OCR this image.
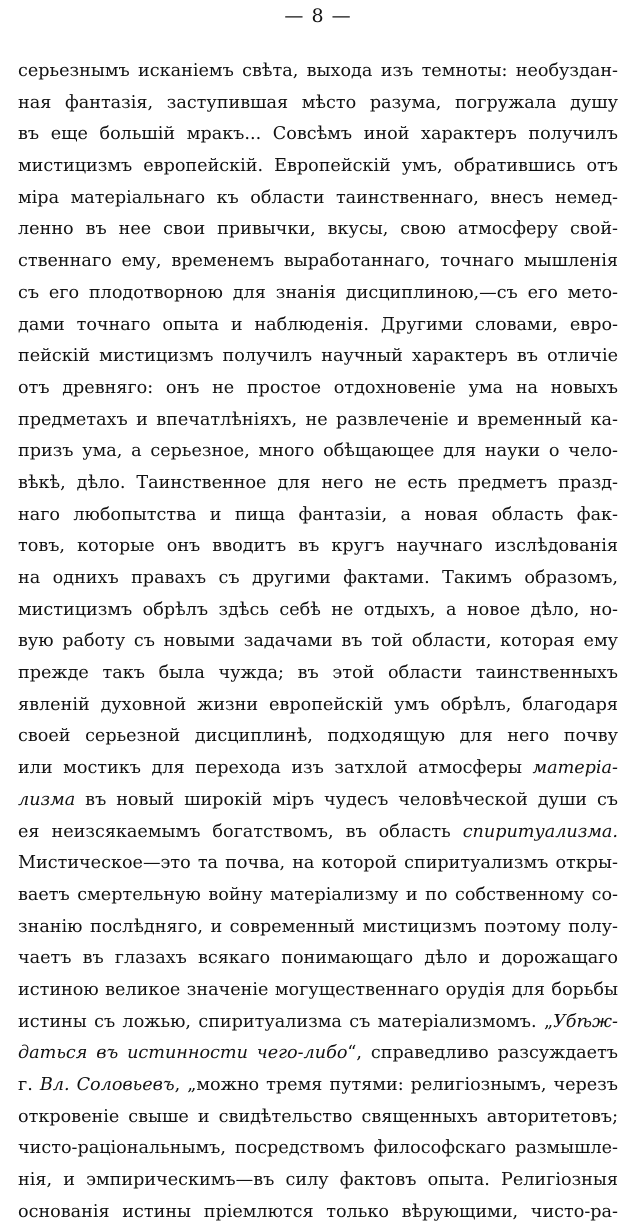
— 8 —
серьезнымъ исканіемъ свѣта, выхода изъ темноты: необуздан-
ная фантазія, заступившая мѣсто разума, погружала душу
въ еще большій мракъ... Совсѣмъ иной характеръ получилъ
мистицизмъ европейскій. Европейскій умъ, обратившись отъ
міра матеріальнаго къ области таинственнаго, внесъ немед-
ленно въ нее свои привычки, вкусы, свою атмосферу свой-
ственнаго ему, временемъ выработаннаго, точнаго мышленія
съ его плодотворною для знанія дисциплиною,—съ его мето-
дами точнаго опыта и наблюденія. Другими словами, евро-
пейскій мистицизмъ получилъ научный характеръ въ отличіе
отъ древняго: онъ не простое отдохновеніе ума на новыхъ
предметахъ и впечатлѣніяхъ, не развлеченіе и временный ка-
призъ ума, а серьезное, много обѣщающее для науки о чело-
вѣкѣ, дѣло. Таинственное для него не есть предметъ празд-
наго любопытства и пища фантазіи, а новая область фак-
товъ, которые онъ вводитъ въ кругъ научнаго изслѣдованія
на однихъ правахъ съ другими фактами. Такимъ образомъ,
мистицизмъ обрѣлъ здѣсь себѣ не отдыхъ, а новое дѣло, но-
вую работу съ новыми задачами въ той области, которая ему
прежде такъ была чужда; въ этой области таинственныхъ
явленій духовной жизни европейскій умъ обрѣлъ, благодаря
своей серьезной дисциплинѣ, подходящую для него почву
или мостикъ для перехода изъ затхлой атмосферы матеріа-
лизма въ новый широкій міръ чудесъ человѣческой души съ
ея неизсякаемымъ богатствомъ, въ область спиритуализма.
Мистическое—это та почва, на которой спиритуализмъ откры-
ваетъ смертельную войну матеріализму и по собственному со-
знанію послѣдняго, и современный мистицизмъ поэтому полу-
чаетъ въ глазахъ всякаго понимающаго дѣло и дорожащаго
истиною великое значеніе могущественнаго орудія для борьбы
истины съ ложью, спиритуализма съ матеріализмомъ. „Убѣж-
даться въ истинности чего-либо“, справедливо разсуждаетъ
г. Вл. Соловьевъ, „можно тремя путями: религіознымъ, черезъ
откровеніе свыше и свидѣтельство священныхъ авторитетовъ;
чисто-раціональнымъ, посредствомъ философскаго размышле-
нія, и эмпирическимъ—въ силу фактовъ опыта. Религіозныя
основанія истины пріемлются только вѣрующими, чисто-ра-
